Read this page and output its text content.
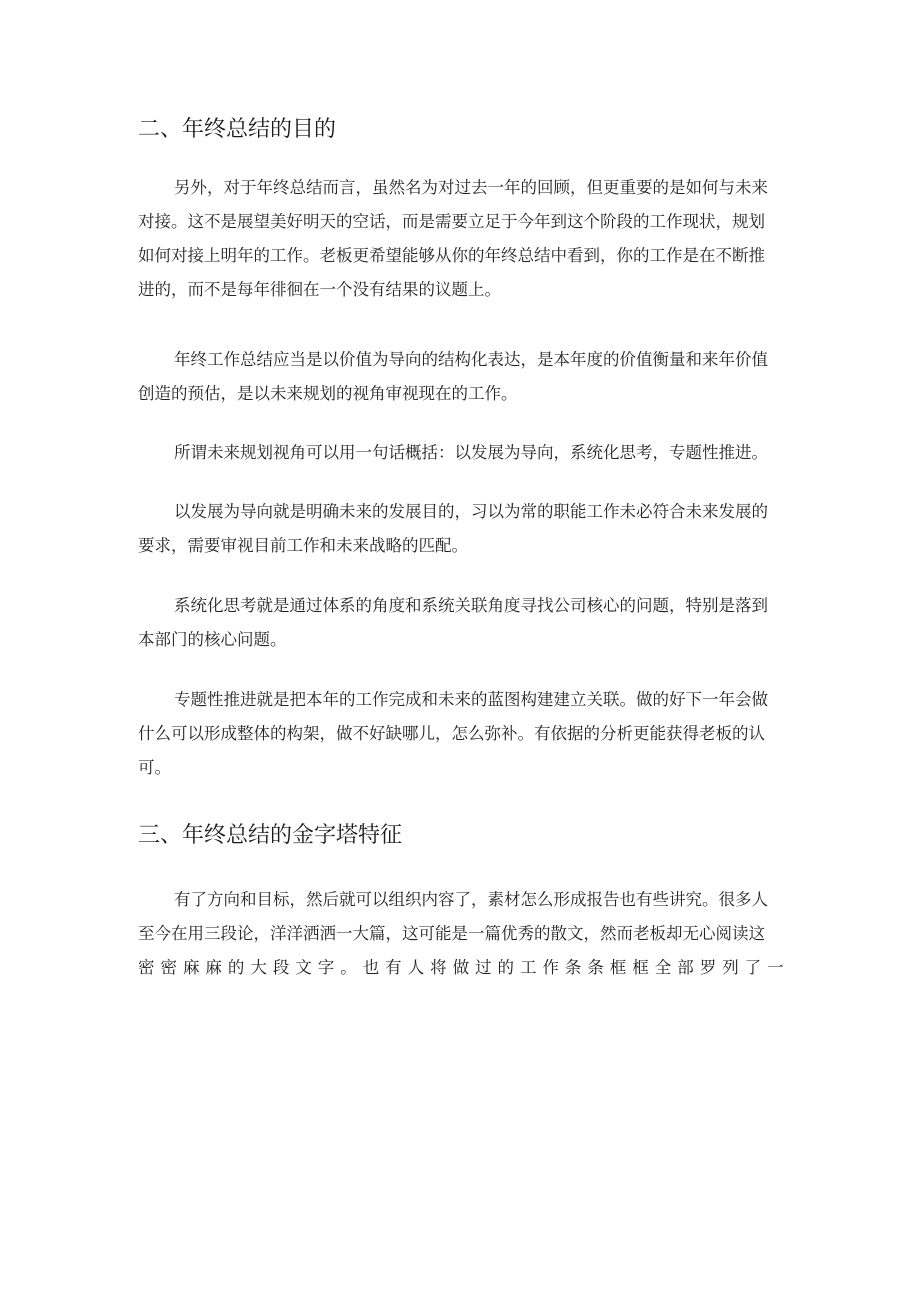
二、年终总结的目的
另外，对于年终总结而言，虽然名为对过去一年的回顾，但更重要的是如何与未来
对接。这不是展望美好明天的空话，而是需要立足于今年到这个阶段的工作现状，规划
如何对接上明年的工作。老板更希望能够从你的年终总结中看到，你的工作是在不断推
进的，而不是每年徘徊在一个没有结果的议题上。
年终工作总结应当是以价值为导向的结构化表达，是本年度的价值衡量和来年价值
创造的预估，是以未来规划的视角审视现在的工作。
所谓未来规划视角可以用一句话概括：以发展为导向，系统化思考，专题性推进。
以发展为导向就是明确未来的发展目的，习以为常的职能工作未必符合未来发展的
要求，需要审视目前工作和未来战略的匹配。
系统化思考就是通过体系的角度和系统关联角度寻找公司核心的问题，特别是落到
本部门的核心问题。
专题性推进就是把本年的工作完成和未来的蓝图构建建立关联。做的好下一年会做
什么可以形成整体的构架，做不好缺哪儿，怎么弥补。有依据的分析更能获得老板的认
可。
三、年终总结的金字塔特征
有了方向和目标，然后就可以组织内容了，素材怎么形成报告也有些讲究。很多人
至今在用三段论，洋洋洒洒一大篇，这可能是一篇优秀的散文，然而老板却无心阅读这
密 密 麻 麻 的 大 段 文 字 。 也 有 人 将 做 过 的 工 作 条 条 框 框 全 部 罗 列 了 一
